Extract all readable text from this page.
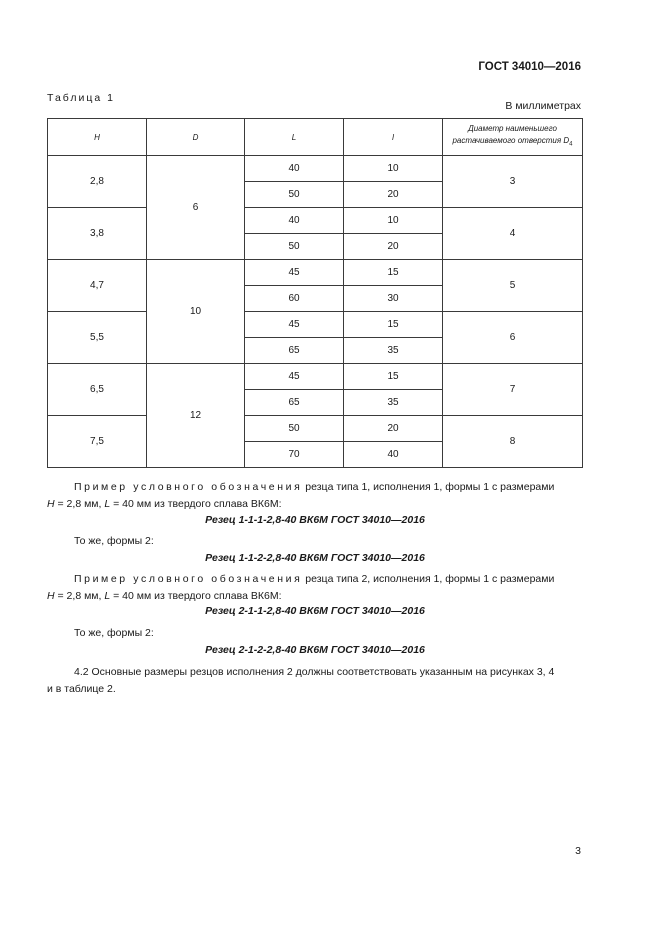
ГОСТ 34010—2016
Таблица 1
В миллиметрах
H	D	L	l	Диаметр наименьшего
растачиваемого отверстия $D_4$

2,8	6	40	10	3
		50	20	
3,8		40	10	4
		50	20	
4,7	10	45	15	5
		60	30	
5,5		45	15	6
		65	35	
6,5	12	45	15	7
		65	35	
7,5		50	20	8
		70	40	
Пример условного обозначения резца типа 1, исполнения 1, формы 1 с размерами
H = 2,8 мм, L = 40 мм из твердого сплава ВК6М:
Резец 1-1-1-2,8-40 ВК6М ГОСТ 34010—2016
То же, формы 2:
Резец 1-1-2-2,8-40 ВК6М ГОСТ 34010—2016
Пример условного обозначения резца типа 2, исполнения 1, формы 1 с размерами
H = 2,8 мм, L = 40 мм из твердого сплава ВК6М:
Резец 2-1-1-2,8-40 ВК6М ГОСТ 34010—2016
То же, формы 2:
Резец 2-1-2-2,8-40 ВК6М ГОСТ 34010—2016
4.2 Основные размеры резцов исполнения 2 должны соответствовать указанным на рисунках 3, 4
и в таблице 2.
3
